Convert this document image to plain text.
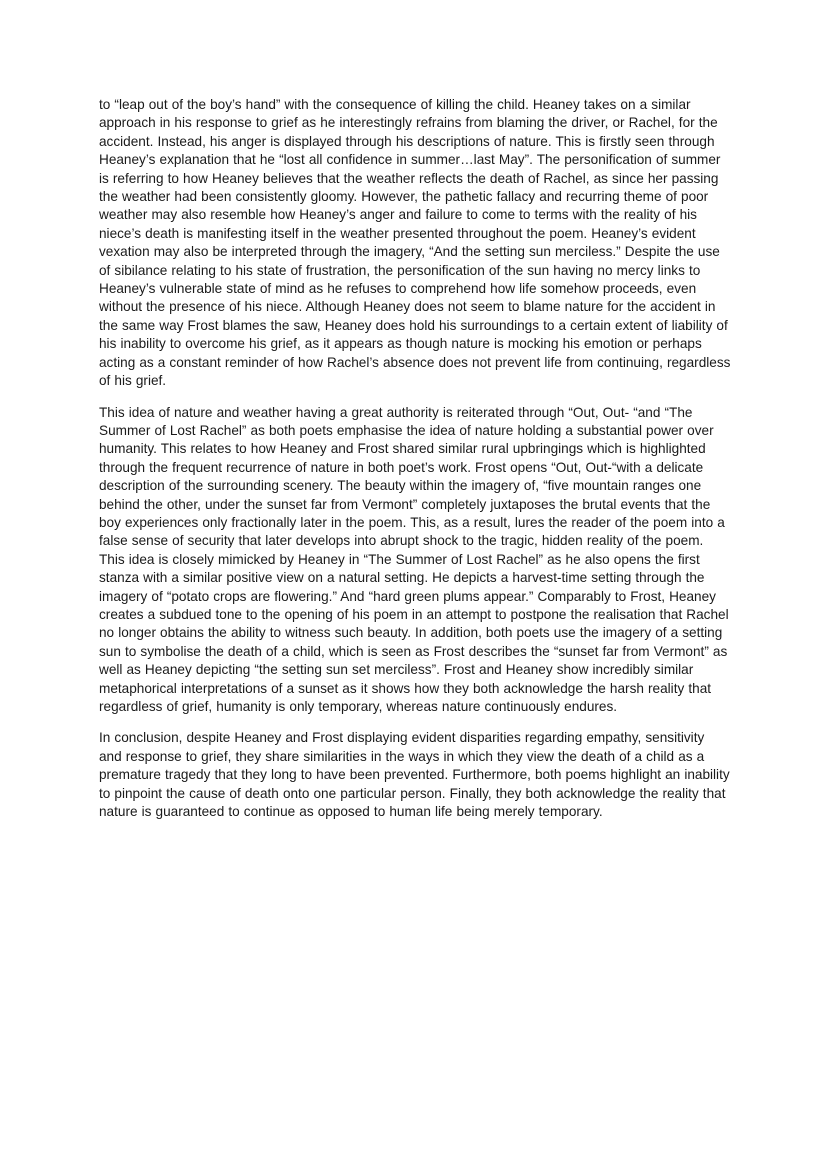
to “leap out of the boy’s hand” with the consequence of killing the child. Heaney takes on a similar approach in his response to grief as he interestingly refrains from blaming the driver, or Rachel, for the accident. Instead, his anger is displayed through his descriptions of nature. This is firstly seen through Heaney’s explanation that he “lost all confidence in summer…last May”. The personification of summer is referring to how Heaney believes that the weather reflects the death of Rachel, as since her passing the weather had been consistently gloomy. However, the pathetic fallacy and recurring theme of poor weather may also resemble how Heaney’s anger and failure to come to terms with the reality of his niece’s death is manifesting itself in the weather presented throughout the poem. Heaney’s evident vexation may also be interpreted through the imagery, “And the setting sun merciless.” Despite the use of sibilance relating to his state of frustration, the personification of the sun having no mercy links to Heaney’s vulnerable state of mind as he refuses to comprehend how life somehow proceeds, even without the presence of his niece. Although Heaney does not seem to blame nature for the accident in the same way Frost blames the saw, Heaney does hold his surroundings to a certain extent of liability of his inability to overcome his grief, as it appears as though nature is mocking his emotion or perhaps acting as a constant reminder of how Rachel’s absence does not prevent life from continuing, regardless of his grief.

This idea of nature and weather having a great authority is reiterated through “Out, Out- “and “The Summer of Lost Rachel” as both poets emphasise the idea of nature holding a substantial power over humanity. This relates to how Heaney and Frost shared similar rural upbringings which is highlighted through the frequent recurrence of nature in both poet’s work. Frost opens “Out, Out-“with a delicate description of the surrounding scenery. The beauty within the imagery of, “five mountain ranges one behind the other, under the sunset far from Vermont” completely juxtaposes the brutal events that the boy experiences only fractionally later in the poem. This, as a result, lures the reader of the poem into a false sense of security that later develops into abrupt shock to the tragic, hidden reality of the poem. This idea is closely mimicked by Heaney in “The Summer of Lost Rachel” as he also opens the first stanza with a similar positive view on a natural setting. He depicts a harvest-time setting through the imagery of “potato crops are flowering.” And “hard green plums appear.” Comparably to Frost, Heaney creates a subdued tone to the opening of his poem in an attempt to postpone the realisation that Rachel no longer obtains the ability to witness such beauty. In addition, both poets use the imagery of a setting sun to symbolise the death of a child, which is seen as Frost describes the “sunset far from Vermont” as well as Heaney depicting “the setting sun set merciless”. Frost and Heaney show incredibly similar metaphorical interpretations of a sunset as it shows how they both acknowledge the harsh reality that regardless of grief, humanity is only temporary, whereas nature continuously endures.

In conclusion, despite Heaney and Frost displaying evident disparities regarding empathy, sensitivity and response to grief, they share similarities in the ways in which they view the death of a child as a premature tragedy that they long to have been prevented. Furthermore, both poems highlight an inability to pinpoint the cause of death onto one particular person. Finally, they both acknowledge the reality that nature is guaranteed to continue as opposed to human life being merely temporary.
